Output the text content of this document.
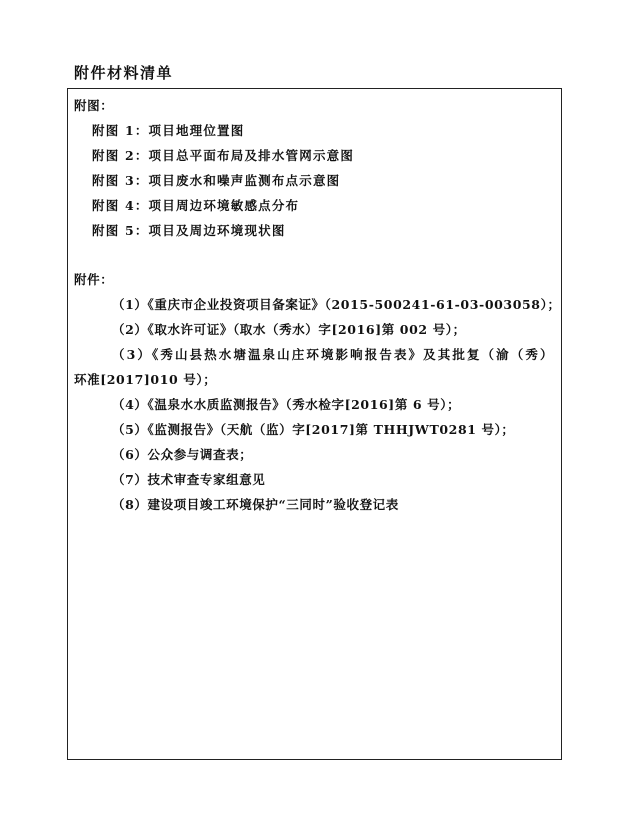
附件材料清单
附图：
附图 1：项目地理位置图
附图 2：项目总平面布局及排水管网示意图
附图 3：项目废水和噪声监测布点示意图
附图 4：项目周边环境敏感点分布
附图 5：项目及周边环境现状图
附件：
（1）《重庆市企业投资项目备案证》（2015-500241-61-03-003058）；
（2）《取水许可证》（取水（秀水）字[2016]第 002 号）；
（3）《秀山县热水塘温泉山庄环境影响报告表》及其批复（渝（秀）
环准[2017]010 号）；
（4）《温泉水水质监测报告》（秀水检字[2016]第 6 号）；
（5）《监测报告》（天航（监）字[2017]第 THHJWT0281 号）；
（6）公众参与调查表；
（7）技术审查专家组意见
（8）建设项目竣工环境保护“三同时”验收登记表
